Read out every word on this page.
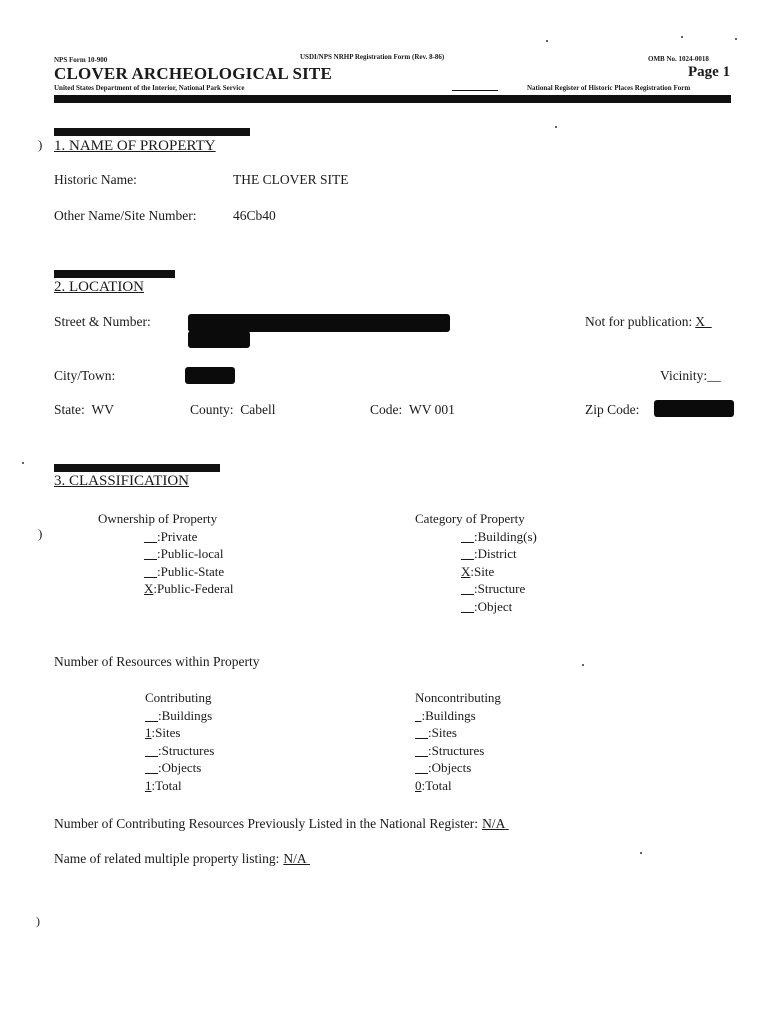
NPS Form 10-900	USDI/NPS NRHP Registration Form (Rev. 8-86)	OMB No. 1024-0018
CLOVER ARCHEOLOGICAL SITE	Page 1
United States Department of the Interior, National Park Service	National Register of Historic Places Registration Form
1. NAME OF PROPERTY
Historic Name:	THE CLOVER SITE
Other Name/Site Number:	46Cb40
2. LOCATION
Street & Number:	Not for publication: X
City/Town:	Vicinity:__
State: WV	County: Cabell	Code: WV 001	Zip Code:
3. CLASSIFICATION
Ownership of Property
__:Private
__:Public-local
__:Public-State
X:Public-Federal
Category of Property
__:Building(s)
__:District
X:Site
__:Structure
__:Object
Number of Resources within Property
Contributing
__:Buildings
1:Sites
__:Structures
__:Objects
1:Total
Noncontributing
_:Buildings
__:Sites
__:Structures
__:Objects
0:Total
Number of Contributing Resources Previously Listed in the National Register: N/A
Name of related multiple property listing: N/A
)
)
)
